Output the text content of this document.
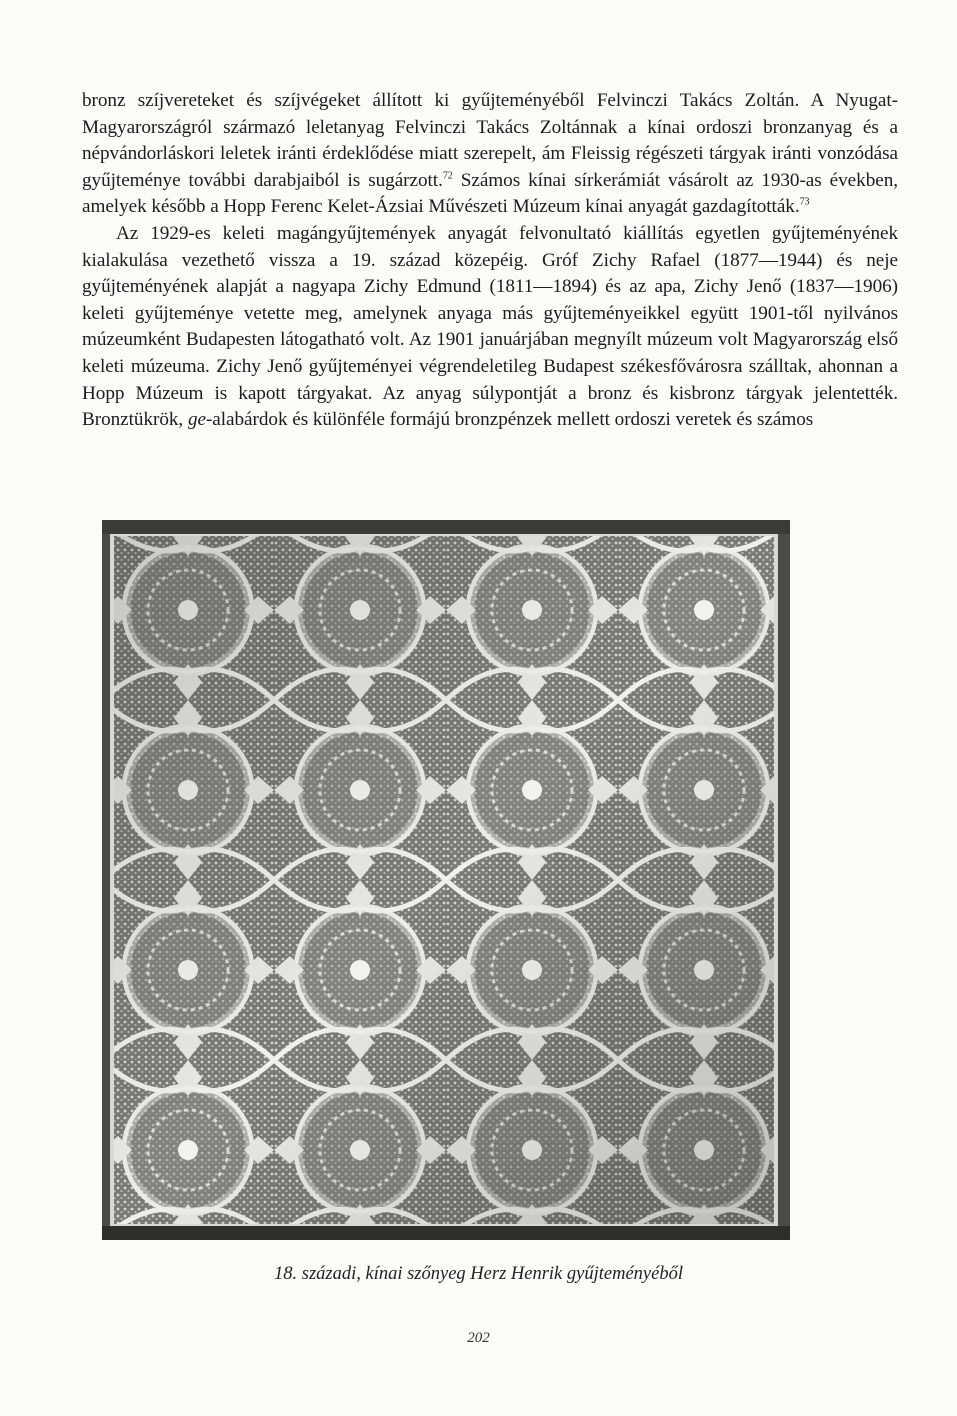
bronz szíjvereteket és szíjvégeket állított ki gyűjteményéből Felvinczi Takács Zoltán. A Nyugat-Magyarországról származó leletanyag Felvinczi Takács Zoltánnak a kínai ordoszi bronzanyag és a népvándorláskori leletek iránti érdeklődése miatt szerepelt, ám Fleissig régészeti tárgyak iránti vonzódása gyűjteménye további darabjaiból is sugárzott.$^{72}$ Számos kínai sírkerámiát vásárolt az 1930-as években, amelyek később a Hopp Ferenc Kelet-Ázsiai Művészeti Múzeum kínai anyagát gazdagították.$^{73}$

Az 1929-es keleti magángyűjtemények anyagát felvonultató kiállítás egyetlen gyűjteményének kialakulása vezethető vissza a 19. század közepéig. Gróf Zichy Rafael (1877—1944) és neje gyűjteményének alapját a nagyapa Zichy Edmund (1811—1894) és az apa, Zichy Jenő (1837—1906) keleti gyűjteménye vetette meg, amelynek anyaga más gyűjteményeikkel együtt 1901-től nyilvános múzeumként Budapesten látogatható volt. Az 1901 januárjában megnyílt múzeum volt Magyarország első keleti múzeuma. Zichy Jenő gyűjteményei végrendeletileg Budapest székesfővárosra szálltak, ahonnan a Hopp Múzeum is kapott tárgyakat. Az anyag súlypontját a bronz és kisbronz tárgyak jelentették. Bronztükrök, ge-alabárdok és különféle formájú bronzpénzek mellett ordoszi veretek és számos

18. századi, kínai szőnyeg Herz Henrik gyűjteményéből
202
